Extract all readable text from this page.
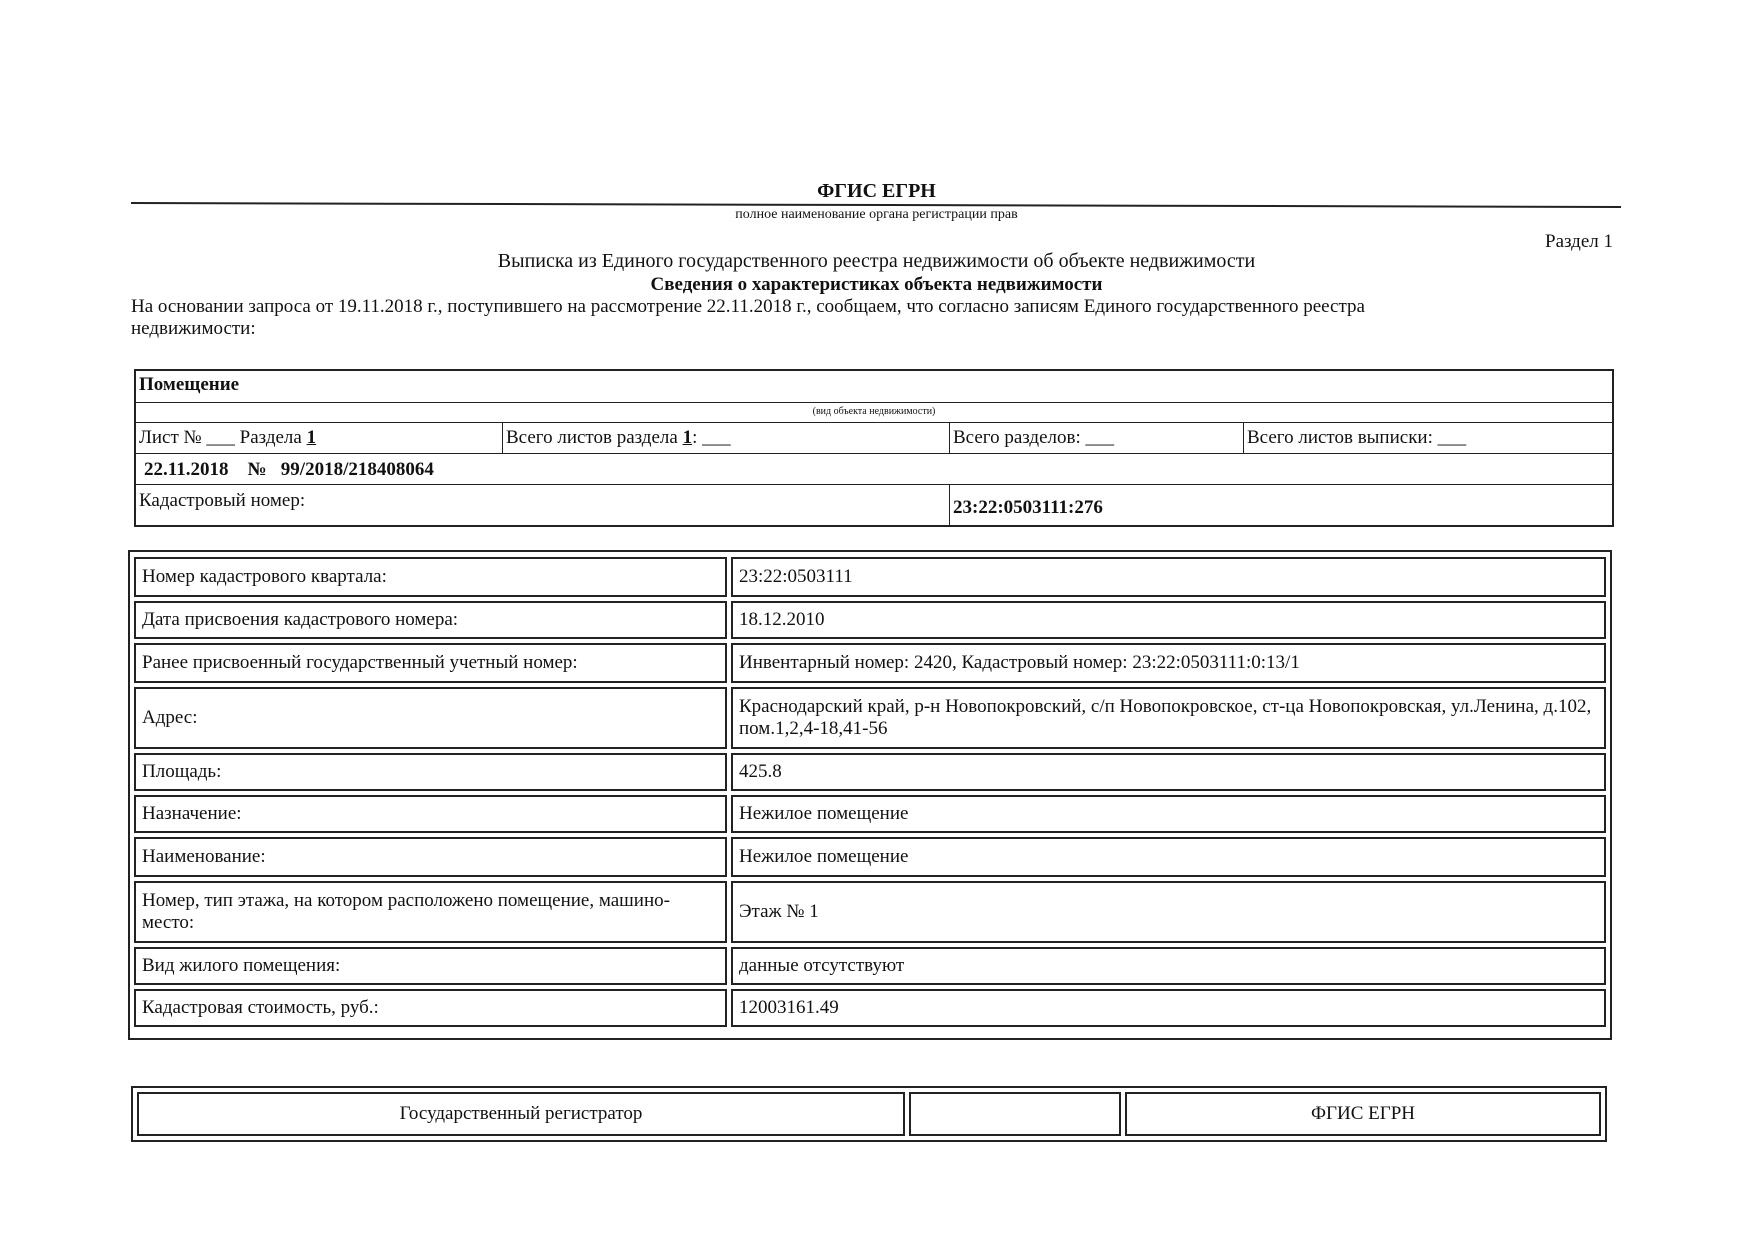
ФГИС ЕГРН
полное наименование органа регистрации прав
Раздел 1
Выписка из Единого государственного реестра недвижимости об объекте недвижимости
Сведения о характеристиках объекта недвижимости
На основании запроса от 19.11.2018 г., поступившего на рассмотрение 22.11.2018 г., сообщаем, что согласно записям Единого государственного реестра
недвижимости:
Помещение
(вид объекта недвижимости)
Лист № ___ Раздела 1	Всего листов раздела 1: ___	Всего разделов: ___	Всего листов выписки: ___
22.11.2018 № 99/2018/218408064
Кадастровый номер:	23:22:0503111:276
Номер кадастрового квартала:	23:22:0503111
Дата присвоения кадастрового номера:	18.12.2010
Ранее присвоенный государственный учетный номер:	Инвентарный номер: 2420, Кадастровый номер: 23:22:0503111:0:13/1
Адрес:
Краснодарский край, р-н Новопокровский, с/п Новопокровское, ст-ца Новопокровская, ул.Ленина, д.102, пом.1,2,4-18,41-56
Площадь:	425.8
Назначение:	Нежилое помещение
Наименование:	Нежилое помещение
Номер, тип этажа, на котором расположено помещение, машино-место:
Этаж № 1
Вид жилого помещения:	данные отсутствуют
Кадастровая стоимость, руб.:	12003161.49
Государственный регистратор	ФГИС ЕГРН
